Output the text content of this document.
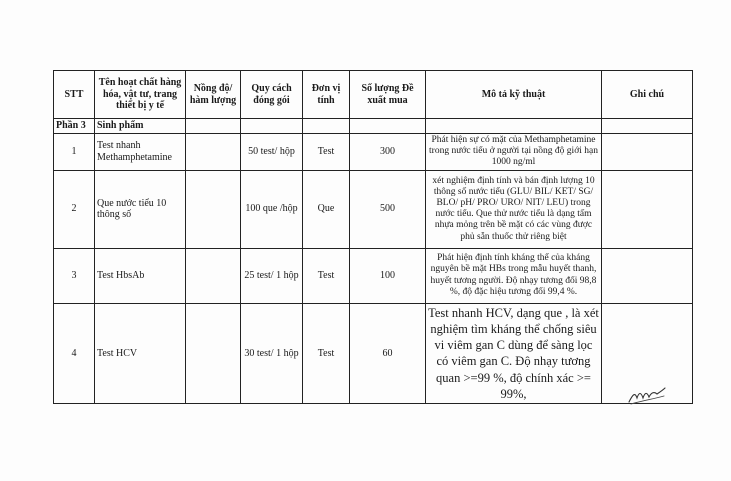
STT	Tên hoạt chất hàng hóa, vật tư, trang thiết bị y tế	Nồng độ/ hàm lượng	Quy cách đóng gói	Đơn vị tính	Số lượng Đề xuất mua	Mô tả kỹ thuật	Ghi chú
Phần 3	Sinh phẩm						
1	Test nhanh Methamphetamine		50 test/ hộp	Test	300	Phát hiện sự có mặt của Methamphetamine trong nước tiểu ở người tại nồng độ giới hạn 1000 ng/ml	
2	Que nước tiểu 10 thông số		100 que /hộp	Que	500	xét nghiệm định tính và bán định lượng 10 thông số nước tiểu (GLU/ BIL/ KET/ SG/ BLO/ pH/ PRO/ URO/ NIT/ LEU) trong nước tiểu. Que thử nước tiểu là dạng tấm nhựa mỏng trên bề mặt có các vùng được phủ sẵn thuốc thử riêng biệt	
3	Test HbsAb		25 test/ 1 hộp	Test	100	Phát hiện định tính kháng thể của kháng nguyên bề mặt HBs trong mẫu huyết thanh, huyết tương người. Độ nhạy tương đối 98,8 %, độ đặc hiệu tương đối 99,4 %.	
4	Test HCV		30 test/ 1 hộp	Test	60	Test nhanh HCV, dạng que , là xét nghiệm tìm kháng thể chống siêu vi viêm gan C dùng để sàng lọc có viêm gan C. Độ nhạy tương quan >=99 %, độ chính xác >= 99%,	
